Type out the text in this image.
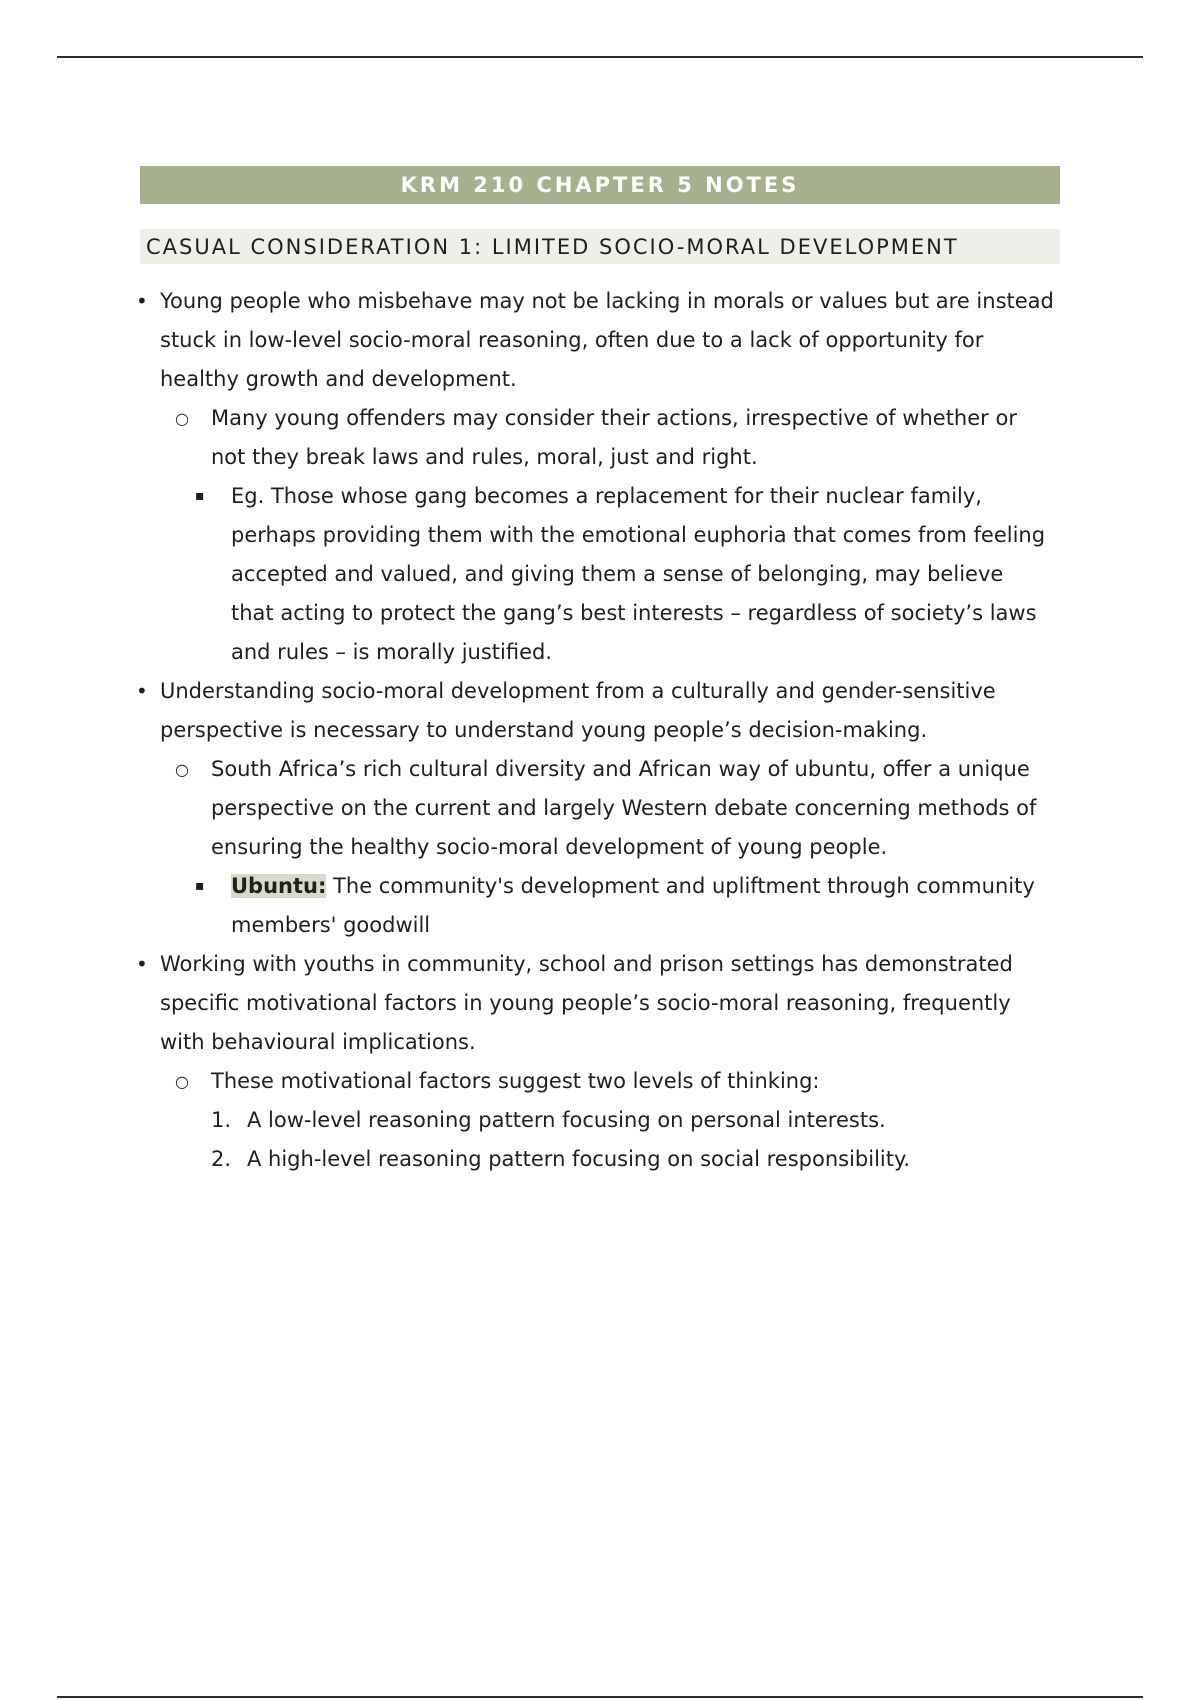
KRM 210 CHAPTER 5 NOTES
CASUAL CONSIDERATION 1: LIMITED SOCIO-MORAL DEVELOPMENT
• Young people who misbehave may not be lacking in morals or values but are instead stuck in low-level socio-moral reasoning, often due to a lack of opportunity for healthy growth and development.
○ Many young offenders may consider their actions, irrespective of whether or not they break laws and rules, moral, just and right.
▪ Eg. Those whose gang becomes a replacement for their nuclear family, perhaps providing them with the emotional euphoria that comes from feeling accepted and valued, and giving them a sense of belonging, may believe that acting to protect the gang’s best interests – regardless of society’s laws and rules – is morally justified.
• Understanding socio-moral development from a culturally and gender-sensitive perspective is necessary to understand young people’s decision-making.
○ South Africa’s rich cultural diversity and African way of ubuntu, offer a unique perspective on the current and largely Western debate concerning methods of ensuring the healthy socio-moral development of young people.
▪ Ubuntu: The community's development and upliftment through community members' goodwill
• Working with youths in community, school and prison settings has demonstrated specific motivational factors in young people’s socio-moral reasoning, frequently with behavioural implications.
○ These motivational factors suggest two levels of thinking:
1. A low-level reasoning pattern focusing on personal interests.
2. A high-level reasoning pattern focusing on social responsibility.
